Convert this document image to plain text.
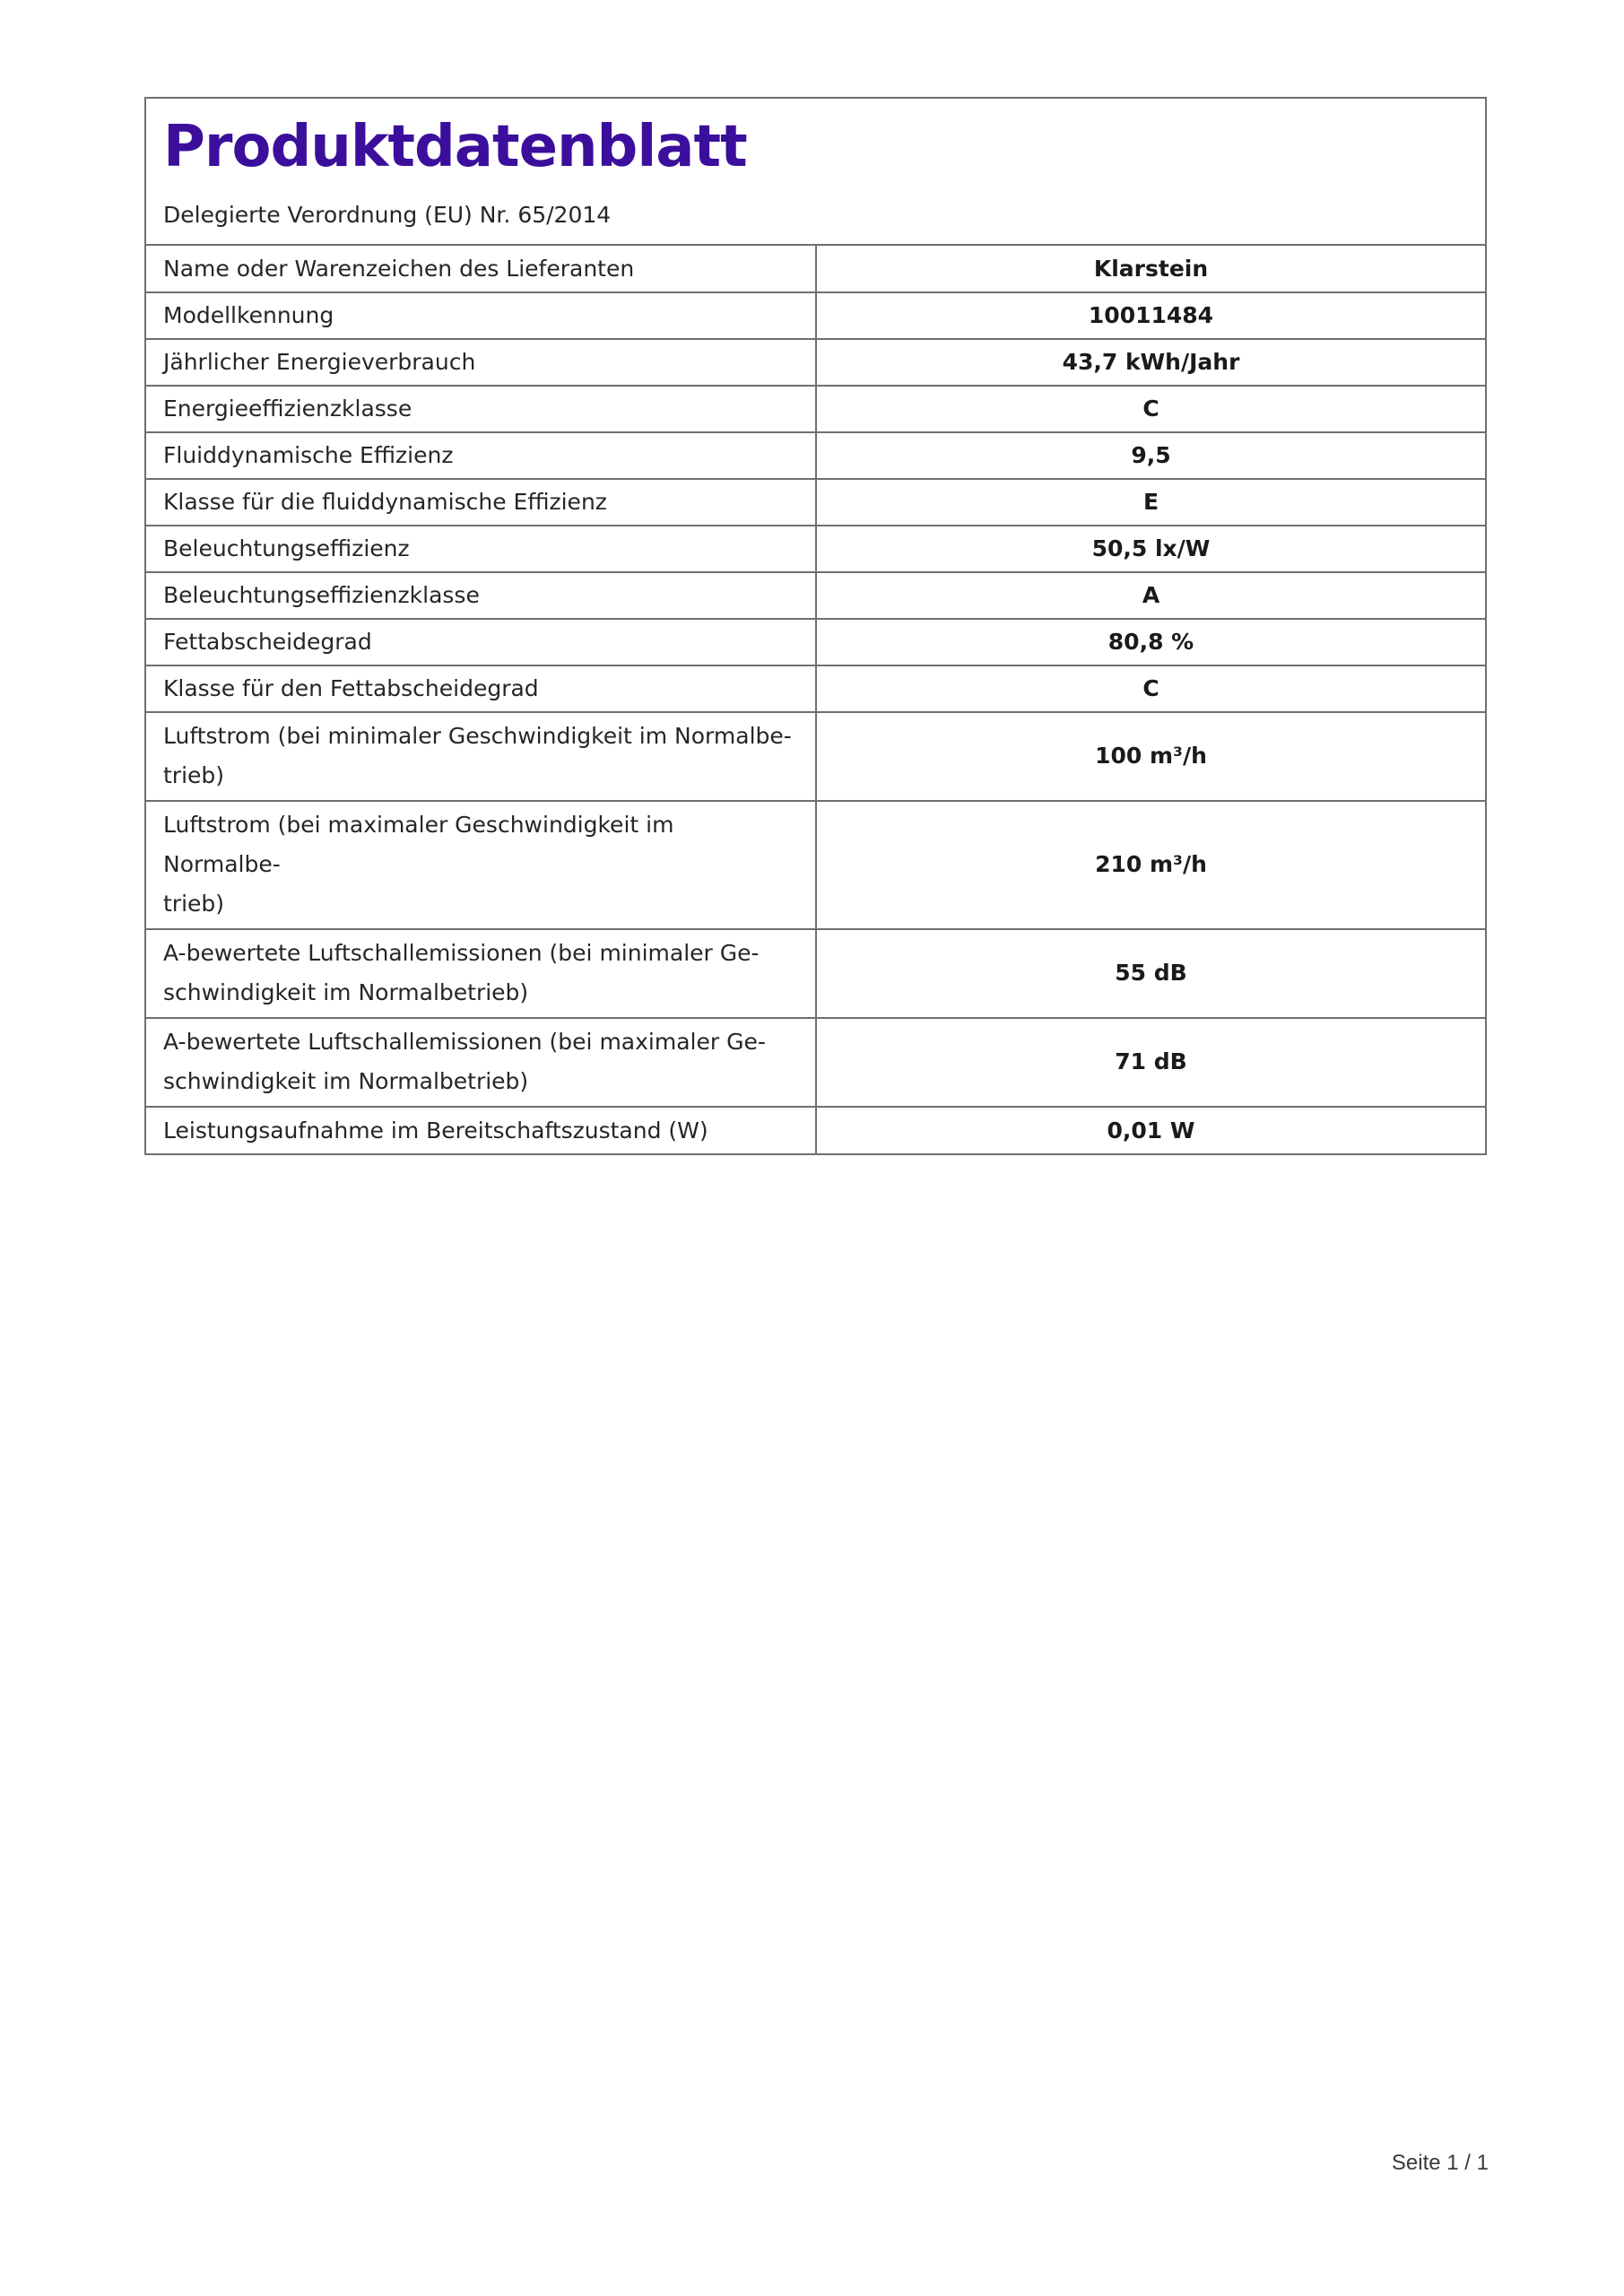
Produktdatenblatt
Delegierte Verordnung (EU) Nr. 65/2014
Name oder Warenzeichen des Lieferanten	Klarstein
Modellkennung	10011484
Jährlicher Energieverbrauch	43,7 kWh/Jahr
Energieeffizienzklasse	C
Fluiddynamische Effizienz	9,5
Klasse für die fluiddynamische Effizienz	E
Beleuchtungseffizienz	50,5 lx/W
Beleuchtungseffizienzklasse	A
Fettabscheidegrad	80,8 %
Klasse für den Fettabscheidegrad	C
Luftstrom (bei minimaler Geschwindigkeit im Normalbe-
trieb)	100 m³/h
Luftstrom (bei maximaler Geschwindigkeit im Normalbe-
trieb)	210 m³/h
A-bewertete Luftschallemissionen (bei minimaler Ge-
schwindigkeit im Normalbetrieb)	55 dB
A-bewertete Luftschallemissionen (bei maximaler Ge-
schwindigkeit im Normalbetrieb)	71 dB
Leistungsaufnahme im Bereitschaftszustand (W)	0,01 W
Seite 1 / 1
